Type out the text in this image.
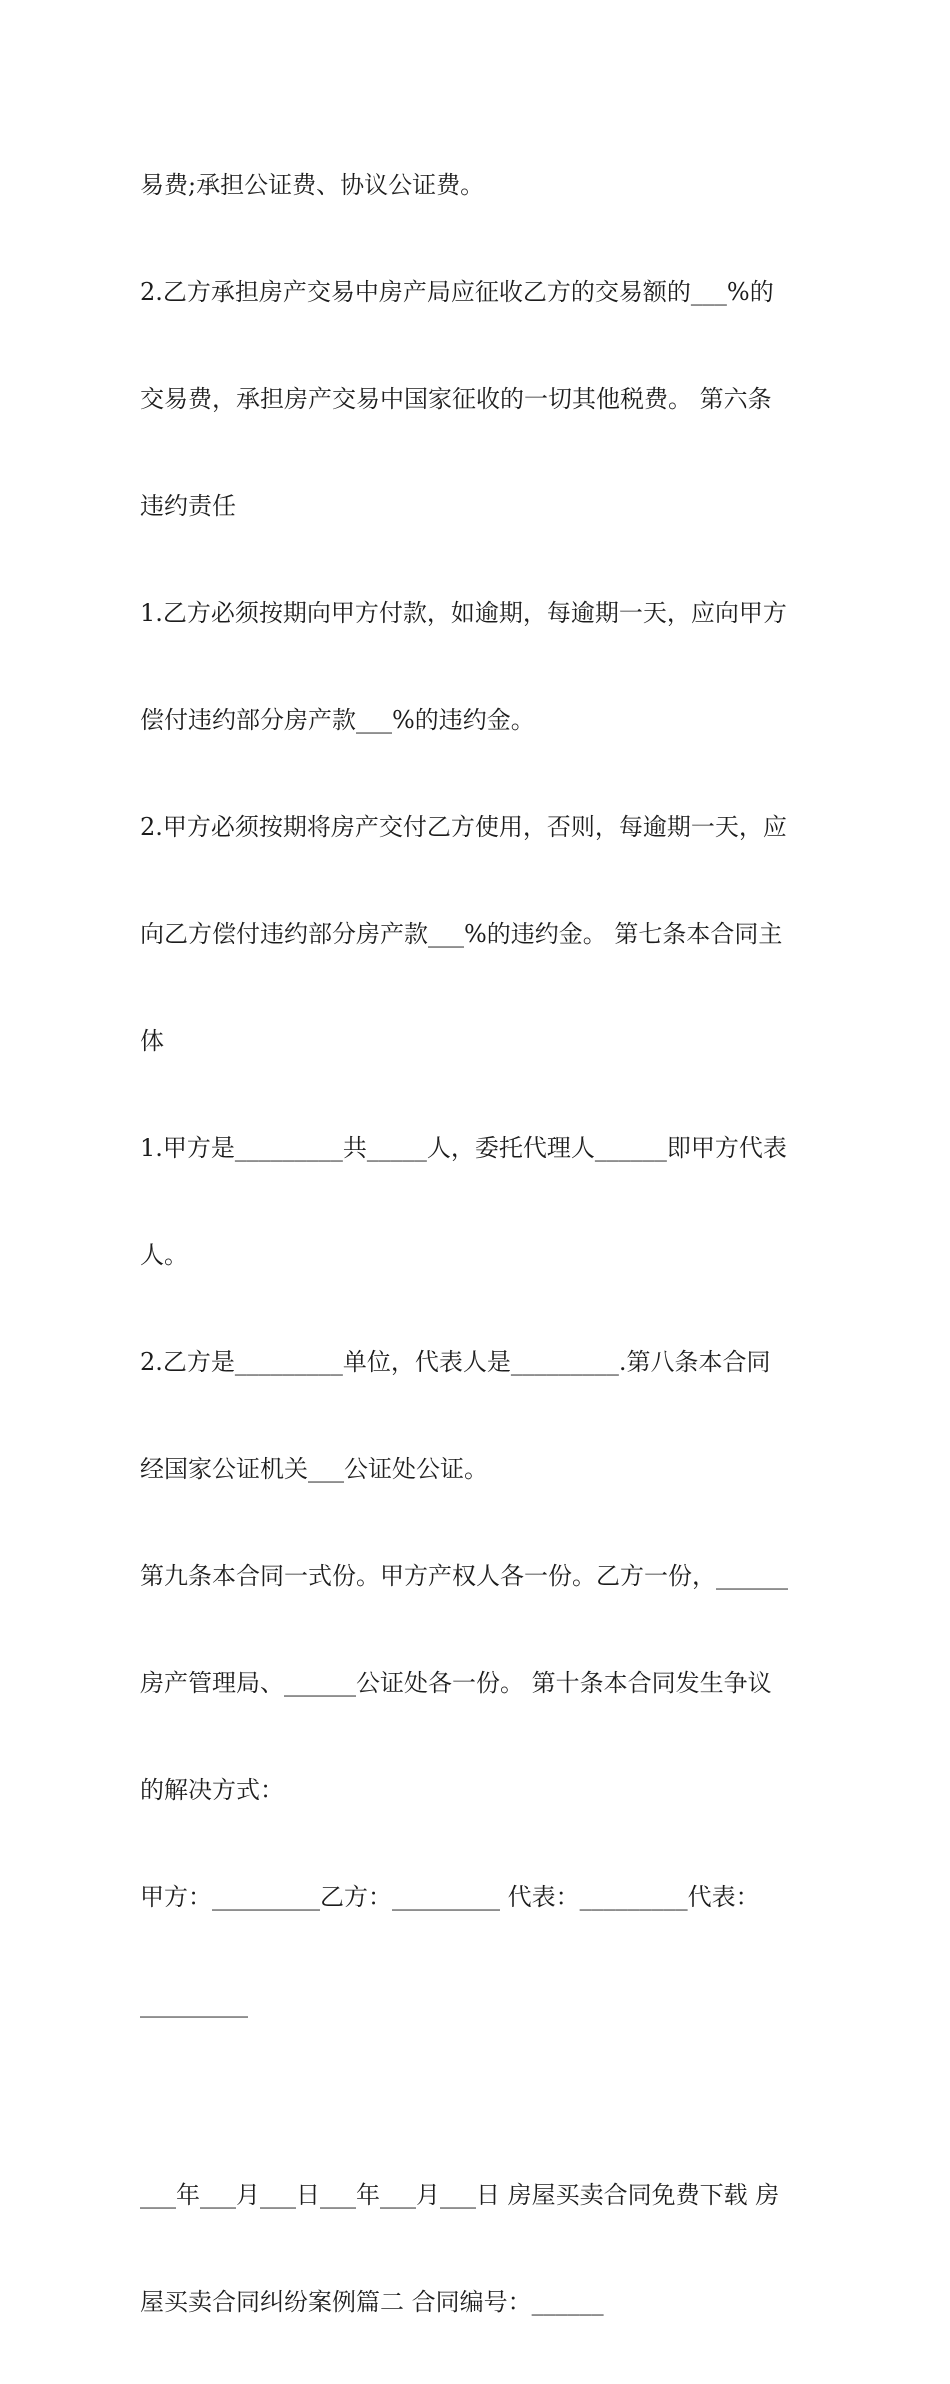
易费;承担公证费、协议公证费。

2.乙方承担房产交易中房产局应征收乙方的交易额的___%的

交易费，承担房产交易中国家征收的一切其他税费。 第六条

违约责任

1.乙方必须按期向甲方付款，如逾期，每逾期一天，应向甲方

偿付违约部分房产款___%的违约金。

2.甲方必须按期将房产交付乙方使用，否则，每逾期一天，应

向乙方偿付违约部分房产款___%的违约金。 第七条本合同主

体

1.甲方是_________共_____人，委托代理人______即甲方代表

人。

2.乙方是_________单位，代表人是_________.第八条本合同

经国家公证机关___公证处公证。

第九条本合同一式份。甲方产权人各一份。乙方一份，______

房产管理局、______公证处各一份。 第十条本合同发生争议

的解决方式：

甲方：_________乙方：_________ 代表：_________代表：

_________

___年___月___日___年___月___日 房屋买卖合同免费下载 房

屋买卖合同纠纷案例篇二 合同编号：______
